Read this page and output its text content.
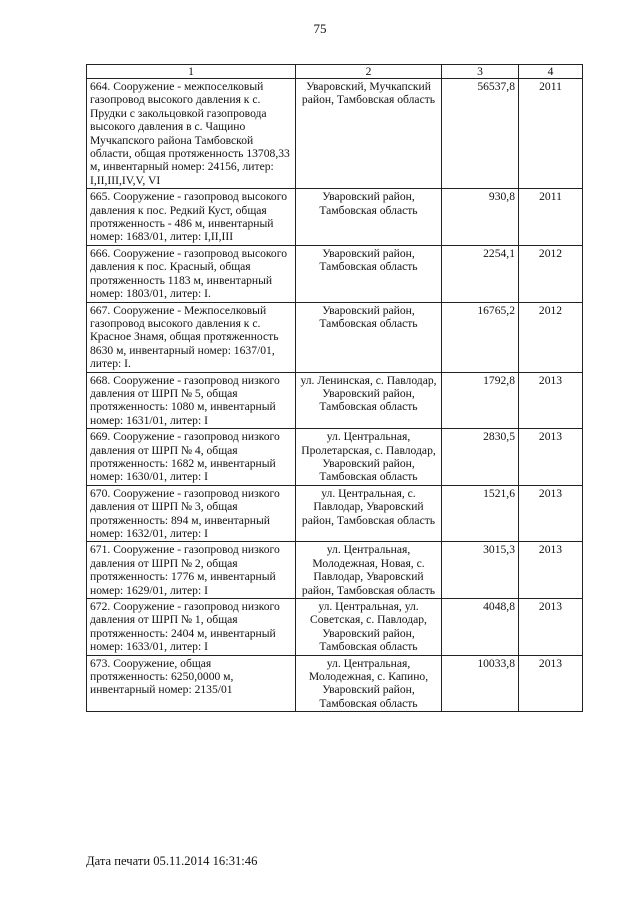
75
1	2	3	4
664. Сооружение - межпоселковый газопровод высокого давления к с. Прудки с закольцовкой газопровода высокого давления в с. Чащино Мучкапского района Тамбовской области, общая протяженность 13708,33 м, инвентарный номер: 24156, литер: I,II,III,IV,V, VI	Уваровский, Мучкапский район, Тамбовская область	56537,8	2011
665. Сооружение - газопровод высокого давления к пос. Редкий Куст, общая протяженность - 486 м, инвентарный номер: 1683/01, литер: I,II,III	Уваровский район, Тамбовская область	930,8	2011
666. Сооружение - газопровод высокого давления к пос. Красный, общая протяженность 1183 м, инвентарный номер: 1803/01, литер: I.	Уваровский район, Тамбовская область	2254,1	2012
667. Сооружение - Межпоселковый газопровод высокого давления к с. Красное Знамя, общая протяженность 8630 м, инвентарный номер: 1637/01, литер: I.	Уваровский район, Тамбовская область	16765,2	2012
668. Сооружение - газопровод низкого давления от ШРП № 5, общая протяженность: 1080 м, инвентарный номер: 1631/01, литер: I	ул. Ленинская, с. Павлодар, Уваровский район, Тамбовская область	1792,8	2013
669. Сооружение - газопровод низкого давления от ШРП № 4, общая протяженность: 1682 м, инвентарный номер: 1630/01, литер: I	ул. Центральная, Пролетарская, с. Павлодар, Уваровский район, Тамбовская область	2830,5	2013
670. Сооружение - газопровод низкого давления от ШРП № 3, общая протяженность: 894 м, инвентарный номер: 1632/01, литер: I	ул. Центральная, с. Павлодар, Уваровский район, Тамбовская область	1521,6	2013
671. Сооружение - газопровод низкого давления от ШРП № 2, общая протяженность: 1776 м, инвентарный номер: 1629/01, литер: I	ул. Центральная, Молодежная, Новая, с. Павлодар, Уваровский район, Тамбовская область	3015,3	2013
672. Сооружение - газопровод низкого давления от ШРП № 1, общая протяженность: 2404 м, инвентарный номер: 1633/01, литер: I	ул. Центральная, ул. Советская, с. Павлодар, Уваровский район, Тамбовская область	4048,8	2013
673. Сооружение, общая протяженность: 6250,0000 м, инвентарный номер: 2135/01	ул. Центральная, Молодежная, с. Капино, Уваровский район, Тамбовская область	10033,8	2013
Дата печати 05.11.2014 16:31:46
